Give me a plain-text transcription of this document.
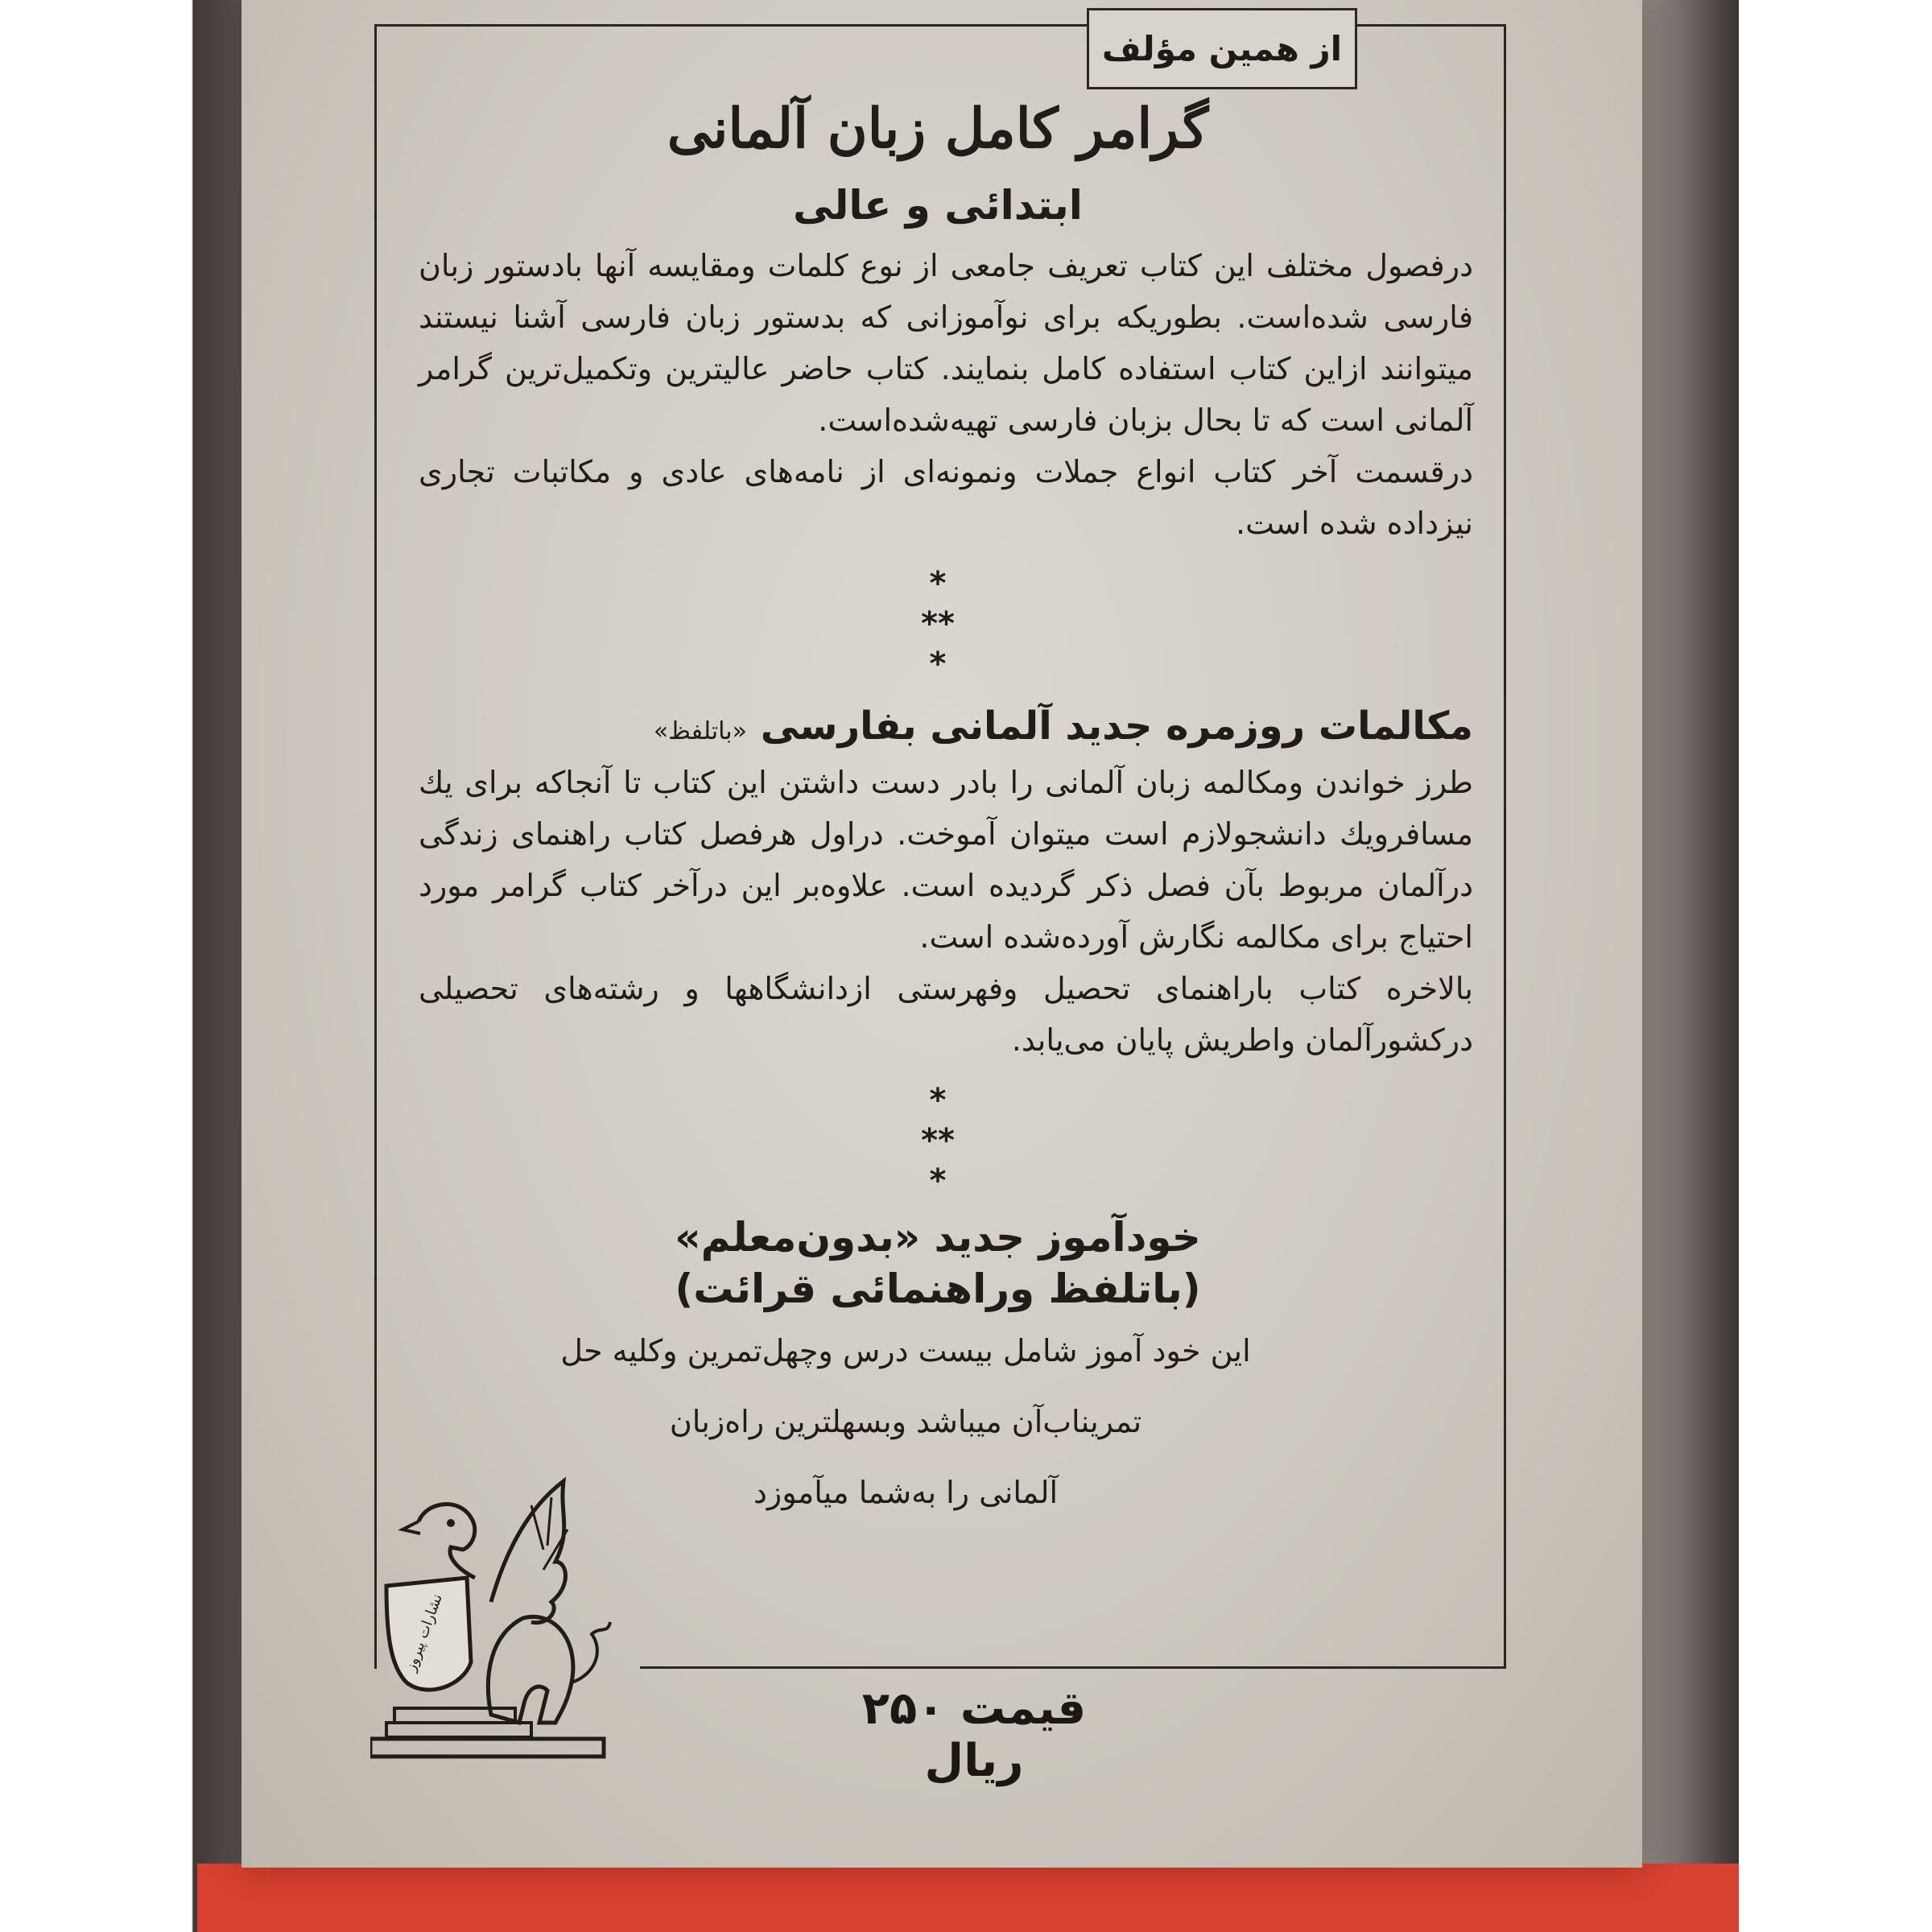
از همین مؤلف
گرامر کامل زبان آلمانی
ابتدائی و عالی
درفصول مختلف این کتاب تعریف جامعی از نوع کلمات ومقایسه آنها بادستور زبان فارسی شده‌است. بطوریکه برای نوآموزانی که بدستور زبان فارسی آشنا نیستند میتوانند ازاین کتاب استفاده کامل بنمایند. کتاب حاضر عالیترین وتکمیل‌ترین گرامر آلمانی است که تا بحال بزبان فارسی تهیه‌شده‌است.
درقسمت آخر کتاب انواع جملات ونمونه‌ای از نامه‌های عادی و مکاتبات تجاری نیزداده شده است.
*
**
*
مکالمات روزمره جدید آلمانی بفارسی «باتلفظ»
طرز خواندن ومکالمه زبان آلمانی را بادر دست داشتن این کتاب تا آنجاکه برای یك مسافرویك دانشجولازم است میتوان آموخت. دراول هرفصل کتاب راهنمای زندگی درآلمان مربوط بآن فصل ذکر گردیده است. علاوه‌بر این درآخر کتاب گرامر مورد احتیاج برای مکالمه نگارش آورده‌شده است.
بالاخره کتاب باراهنمای تحصیل وفهرستی ازدانشگاهها و رشته‌های تحصیلی درکشورآلمان واطریش پایان می‌یابد.
*
**
*
خودآموز جدید «بدون‌معلم»
(باتلفظ وراهنمائی قرائت)
این خود آموز شامل بیست درس وچهل‌تمرین وکلیه حل
تمریناب‌آن میباشد وبسهلترین راه‌زبان
آلمانی را به‌شما میآموزد
نشارات پیروز
قیمت ۲۵۰ ریال
